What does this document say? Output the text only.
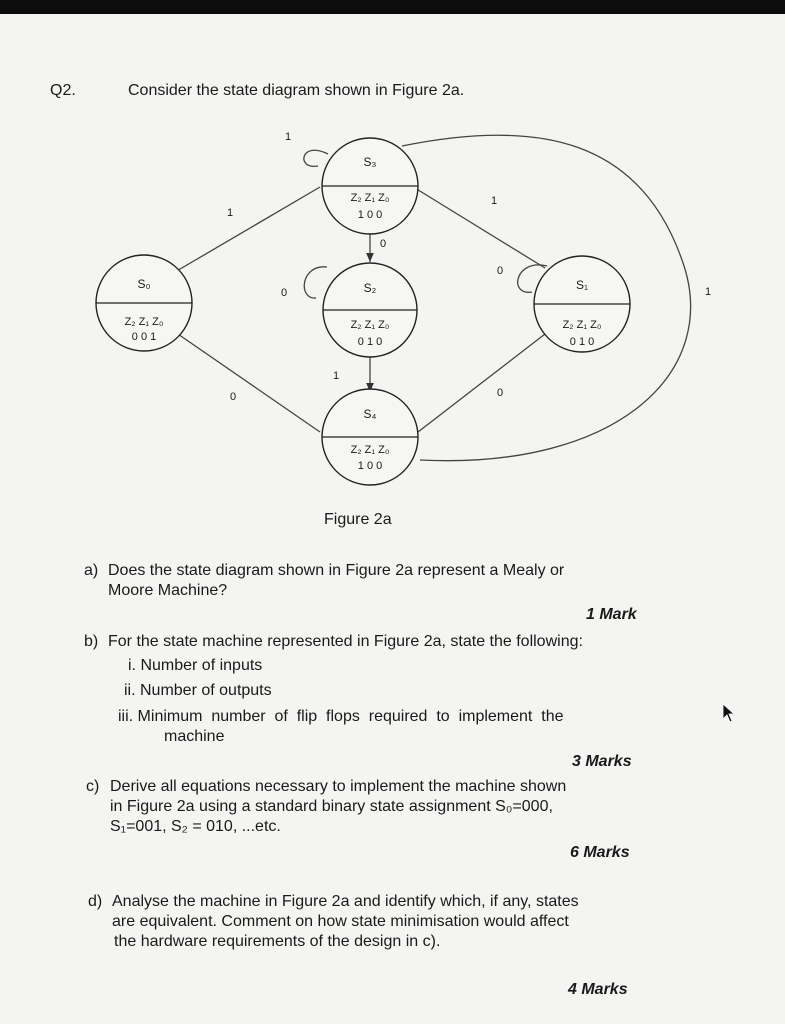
Q2.	Consider the state diagram shown in Figure 2a.
S₃
S₀	S₂	S₁
S₄
Z₂ Z₁ Z₀
Z₂ Z₁ Z₀	Z₂ Z₁ Z₀	Z₂ Z₁ Z₀
Z₂ Z₁ Z₀
1 0 0
0 0 1	0 1 0	0 1 0
1 0 0
1
1
1
0
0
0
1
1
0	0
Figure 2a
a) Does the state diagram shown in Figure 2a represent a Mealy or
Moore Machine?
1 Mark
b) For the state machine represented in Figure 2a, state the following:
i. Number of inputs
ii. Number of outputs
iii. Minimum  number  of  flip  flops  required  to  implement  the
machine
3 Marks
c) Derive all equations necessary to implement the machine shown
in Figure 2a using a standard binary state assignment S₀=000,
S₁=001, S₂ = 010, ...etc.
6 Marks
d) Analyse the machine in Figure 2a and identify which, if any, states
are equivalent. Comment on how state minimisation would affect
the hardware requirements of the design in c).
4 Marks
